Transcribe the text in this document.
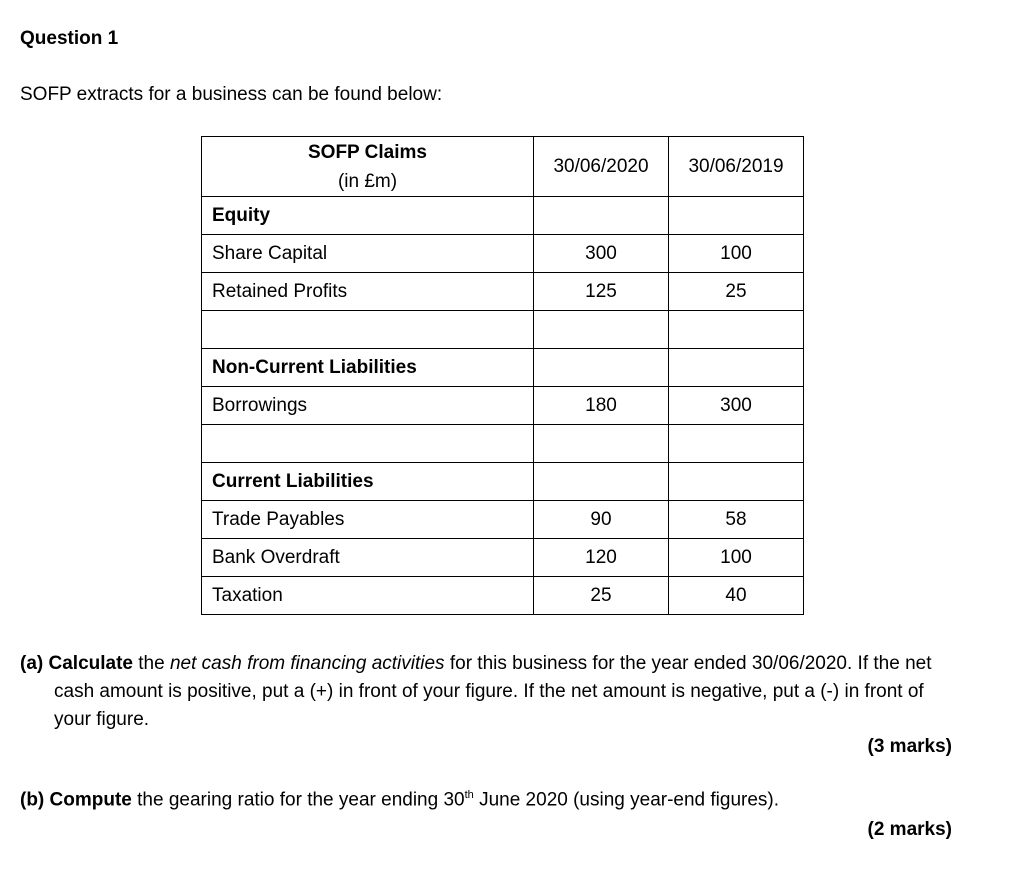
Question 1
SOFP extracts for a business can be found below:
SOFP Claims
(in £m)	30/06/2020	30/06/2019
Equity		
Share Capital	300	100
Retained Profits	125	25

Non-Current Liabilities		
Borrowings	180	300

Current Liabilities		
Trade Payables	90	58
Bank Overdraft	120	100
Taxation	25	40
(a) Calculate the net cash from financing activities for this business for the year ended 30/06/2020. If the net cash amount is positive, put a (+) in front of your figure. If the net amount is negative, put a (-) in front of your figure.
(3 marks)
(b) Compute the gearing ratio for the year ending 30th June 2020 (using year-end figures).
(2 marks)
